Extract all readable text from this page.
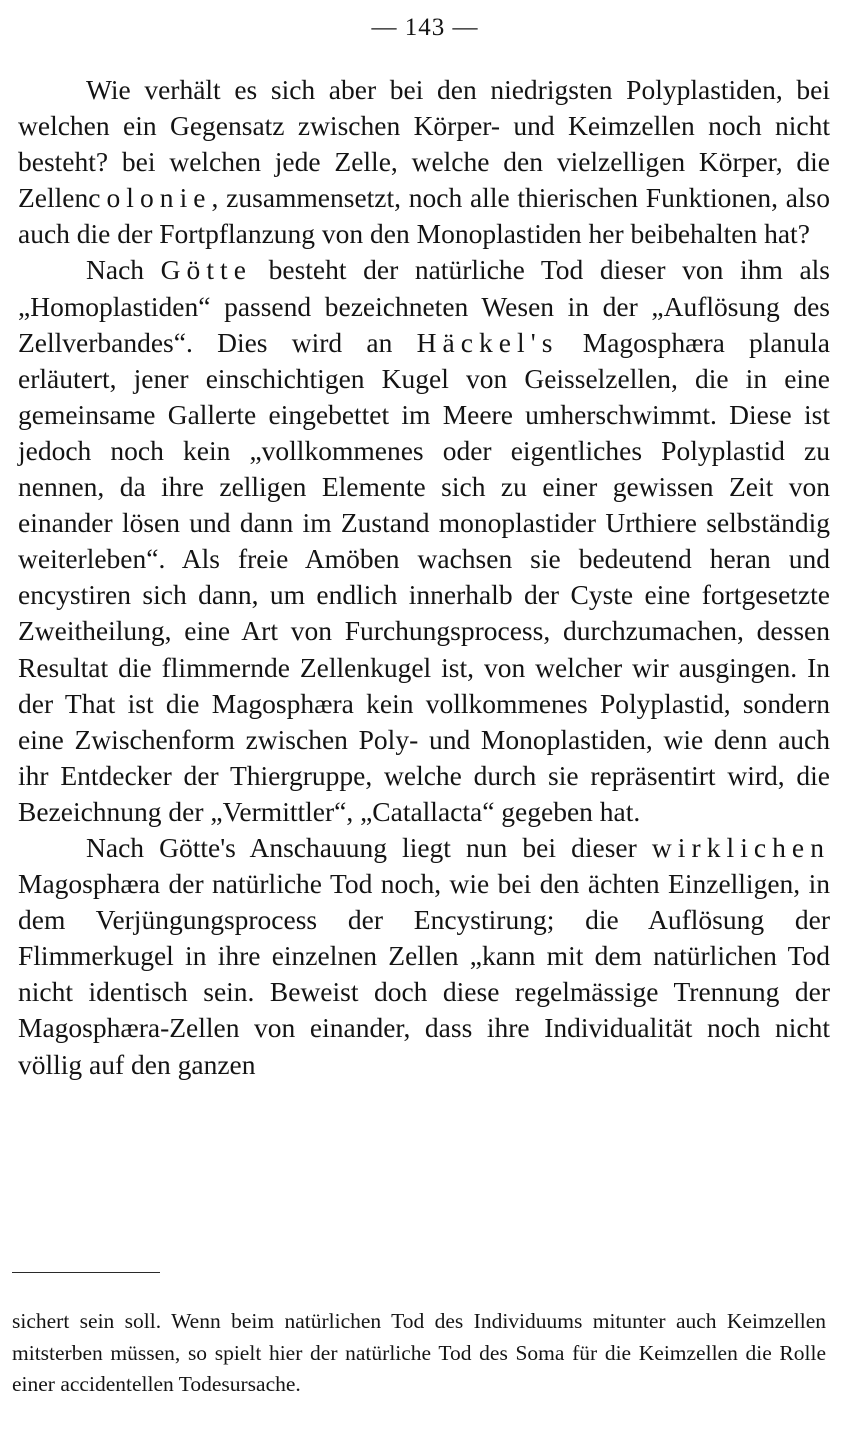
— 143 —

Wie verhält es sich aber bei den niedrigsten Polyplastiden, bei welchen ein Gegensatz zwischen Körper- und Keimzellen noch nicht besteht? bei welchen jede Zelle, welche den vielzelligen Körper, die Zellencolonie, zusammensetzt, noch alle thierischen Funktionen, also auch die der Fortpflanzung von den Monoplastiden her beibehalten hat?

Nach Götte besteht der natürliche Tod dieser von ihm als „Homoplastiden“ passend bezeichneten Wesen in der „Auflösung des Zellverbandes“. Dies wird an Häckel's Magosphæra planula erläutert, jener einschichtigen Kugel von Geisselzellen, die in eine gemeinsame Gallerte eingebettet im Meere umherschwimmt. Diese ist jedoch noch kein „vollkommenes oder eigentliches Polyplastid zu nennen, da ihre zelligen Elemente sich zu einer gewissen Zeit von einander lösen und dann im Zustand monoplastider Urthiere selbständig weiterleben“. Als freie Amöben wachsen sie bedeutend heran und encystiren sich dann, um endlich innerhalb der Cyste eine fortgesetzte Zweitheilung, eine Art von Furchungsprocess, durchzumachen, dessen Resultat die flimmernde Zellenkugel ist, von welcher wir ausgingen. In der That ist die Magosphæra kein vollkommenes Polyplastid, sondern eine Zwischenform zwischen Poly- und Monoplastiden, wie denn auch ihr Entdecker der Thiergruppe, welche durch sie repräsentirt wird, die Bezeichnung der „Vermittler“, „Catallacta“ gegeben hat.

Nach Götte's Anschauung liegt nun bei dieser wirklichen Magosphæra der natürliche Tod noch, wie bei den ächten Einzelligen, in dem Verjüngungsprocess der Encystirung; die Auflösung der Flimmerkugel in ihre einzelnen Zellen „kann mit dem natürlichen Tod nicht identisch sein. Beweist doch diese regelmässige Trennung der Magosphæra-Zellen von einander, dass ihre Individualität noch nicht völlig auf den ganzen

sichert sein soll. Wenn beim natürlichen Tod des Individuums mitunter auch Keimzellen mitsterben müssen, so spielt hier der natürliche Tod des Soma für die Keimzellen die Rolle einer accidentellen Todesursache.
